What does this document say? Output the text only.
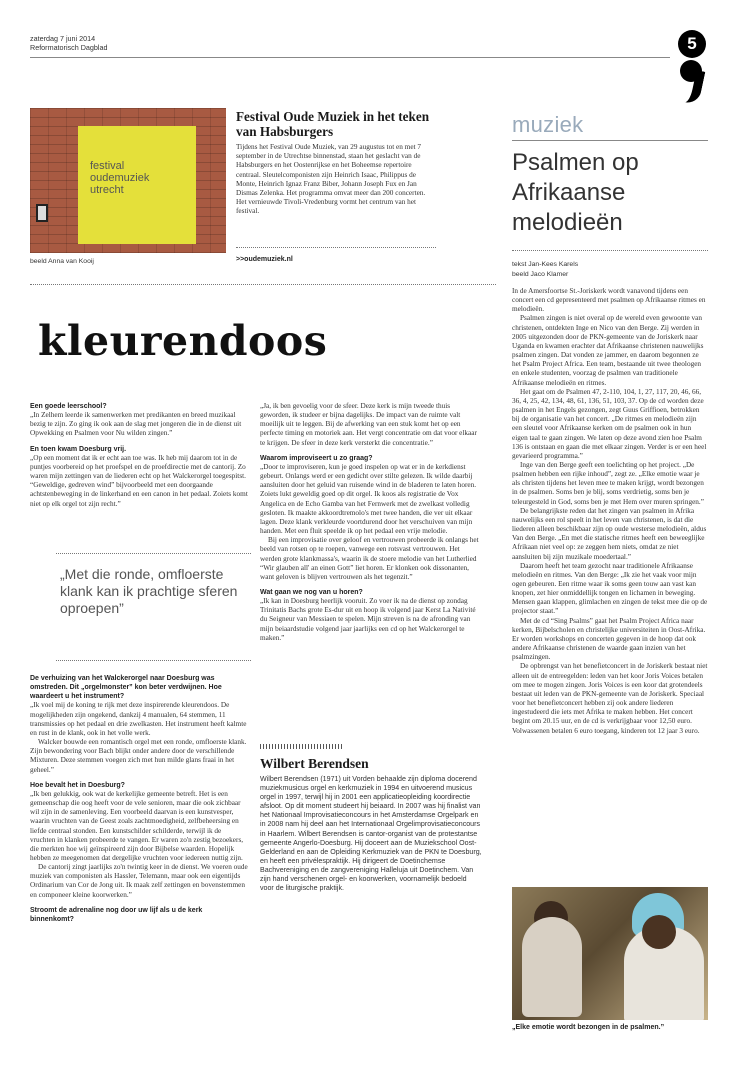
zaterdag 7 juni 2014
Reformatorisch Dagblad	5
festival
oudemuziek
utrecht
beeld Anna van Kooij
Festival Oude Muziek in het teken van Habsburgers
Tijdens het Festival Oude Muziek, van 29 augustus tot en met 7 september in de Utrechtse binnenstad, staan het geslacht van de Habsburgers en het Oostenrijkse en het Boheemse repertoire centraal. Sleutelcomponisten zijn Heinrich Isaac, Philippus de Monte, Heinrich Ignaz Franz Biber, Johann Joseph Fux en Jan Dismas Zelenka. Het programma omvat meer dan 200 concerten. Het vernieuwde Tivoli-Vredenburg vormt het centrum van het festival.
>>oudemuziek.nl
kleurendoos

Een goede leerschool?

„In Zelhem leerde ik samenwerken met predikanten en breed muzikaal bezig te zijn. Zo ging ik ook aan de slag met jongeren die in de dienst uit Opwekking en Psalmen voor Nu wilden zingen.”

En toen kwam Doesburg vrij.

„Op een moment dat ik er echt aan toe was. Ik heb mij daarom tot in de puntjes voorbereid op het proefspel en de proefdirectie met de cantorij. Zo waren mijn zettingen van de liederen echt op het Walckerorgel toegespitst. “Geweldige, gedreven wind” bijvoorbeeld met een doorgaande achtstenbeweging in de linkerhand en een canon in het pedaal. Zoiets komt niet op elk orgel tot zijn recht.”

„Met die ronde, omfloerste klank kan ik prachtige sferen oproepen”

De verhuizing van het Walckerorgel naar Doesburg was omstreden. Dit „orgelmonster” kon beter verdwijnen. Hoe waardeert u het instrument?

„Ik voel mij de koning te rijk met deze inspirerende kleurendoos. De mogelijkheden zijn ongekend, dankzij 4 manualen, 64 stemmen, 11 transmissies op het pedaal en drie zwelkasten. Het instrument heeft kalmte en rust in de klank, ook in het volle werk.

Walcker bouwde een romantisch orgel met een ronde, omfloerste klank. Zijn bewondering voor Bach blijkt onder andere door de verschillende Mixturen. Deze stemmen voegen zich met hun milde glans fraai in het geheel.”

Hoe bevalt het in Doesburg?

„Ik ben gelukkig, ook wat de kerkelijke gemeente betreft. Het is een gemeenschap die oog heeft voor de vele senioren, maar die ook zichbaar wil zijn in de samenleving. Een voorbeeld daarvan is een kunstvesper, waarin vruchten van de Geest zoals zachtmoedigheid, zelfbeheersing en liefde centraal stonden. Een kunstschilder schilderde, terwijl ik de vruchten in klanken probeerde te vangen. Er waren zo'n zestig bezoekers, die merkten hoe wij geïnspireerd zijn door Bijbelse waarden. Hopelijk hebben ze meegenomen dat dergelijke vruchten voor iedereen nuttig zijn.

De cantorij zingt jaarlijks zo'n twintig keer in de dienst. We voeren oude muziek van componisten als Hassler, Telemann, maar ook een eigentijds Ordinarium van Cor de Jong uit. Ik maak zelf zettingen en bovenstemmen en componeer kleine koorwerken.”

Stroomt de adrenaline nog door uw lijf als u de kerk binnenkomt?

„Ja, ik ben gevoelig voor de sfeer. Deze kerk is mijn tweede thuis geworden, ik studeer er bijna dagelijks. De impact van de ruimte valt moeilijk uit te leggen. Bij de afwerking van een stuk komt het op een perfecte timing en motoriek aan. Het vergt concentratie om dat voor elkaar te krijgen. De sfeer in deze kerk versterkt die concentratie.”

Waarom improviseert u zo graag?

„Door te improviseren, kun je goed inspelen op wat er in de kerkdienst gebeurt. Onlangs werd er een gedicht over stilte gelezen. Ik wilde daarbij aansluiten door het geluid van ruisende wind in de bladeren te laten horen. Zoiets lukt geweldig goed op dit orgel. Ik koos als registratie de Vox Angelica en de Echo Gamba van het Fernwerk met de zwelkast volledig gesloten. Ik maakte akkoordtremolo's met twee handen, die ver uit elkaar lagen. Deze klank verkleurde voortdurend door het verschuiven van mijn handen. Met een fluit speelde ik op het pedaal een vrije melodie.

Bij een improvisatie over geloof en vertrouwen probeerde ik onlangs het beeld van rotsen op te roepen, vanwege een rotsvast vertrouwen. Het werden grote klankmassa's, waarin ik de stoere melodie van het Lutherlied “Wir glauben all' an einen Gott” liet horen. Er klonken ook dissonanten, want geloven is blijven vertrouwen als het tegenzit.”

Wat gaan we nog van u horen?

„Ik kan in Doesburg heerlijk vooruit. Zo voer ik na de dienst op zondag Trinitatis Bachs grote Es-dur uit en hoop ik volgend jaar Kerst La Nativité du Seigneur van Messiaen te spelen. Mijn streven is na de afronding van mijn beiaardstudie volgend jaar jaarlijks een cd op het Walckerorgel te maken.”

Wilbert Berendsen
Wilbert Berendsen (1971) uit Vorden behaalde zijn diploma docerend muziekmusicus orgel en kerkmuziek in 1994 en uitvoerend musicus orgel in 1997, terwijl hij in 2001 een applicatieopleiding koordirectie afsloot. Op dit moment studeert hij beiaard. In 2007 was hij finalist van het Nationaal Improvisatieconcours in het Amsterdamse Orgelpark en in 2008 nam hij deel aan het Internationaal Orgelimprovisatieconcours in Haarlem. Wilbert Berendsen is cantor-organist van de protestantse gemeente Angerlo-Doesburg. Hij doceert aan de Muziekschool Oost-Gelderland en aan de Opleiding Kerkmuziek van de PKN te Doesburg, en heeft een privélespraktijk. Hij dirigeert de Doetinchemse Bachvereniging en de zangvereniging Halleluja uit Doetinchem. Van zijn hand verschenen orgel- en koorwerken, voornamelijk bedoeld voor de liturgische praktijk.
muziek
Psalmen op Afrikaanse melodieën
tekst Jan-Kees Karels
beeld Jaco Klamer

In de Amersfoortse St.-Joriskerk wordt vanavond tijdens een concert een cd gepresenteerd met psalmen op Afrikaanse ritmes en melodieën.

Psalmen zingen is niet overal op de wereld even gewoonte van christenen, ontdekten Inge en Nico van den Berge. Zij werden in 2005 uitgezonden door de PKN-gemeente van de Joriskerk naar Uganda en kwamen erachter dat Afrikaanse christenen nauwelijks psalmen zingen. Dat vonden ze jammer, en daarom begonnen ze het Psalm Project Africa. Een team, bestaande uit twee theologen en enkele studenten, voorzag de psalmen van traditionele Afrikaanse melodieën en ritmes.

Het gaat om de Psalmen 47, 2-110, 104, 1, 27, 117, 20, 46, 66, 36, 4, 25, 42, 134, 48, 61, 136, 51, 103, 37. Op de cd worden deze psalmen in het Engels gezongen, zegt Guus Griffioen, betrokken bij de organisatie van het concert. „De ritmes en melodieën zijn een sleutel voor Afrikaanse kerken om de psalmen ook in hun eigen taal te gaan zingen. We laten op deze avond zien hoe Psalm 136 is ontstaan en gaan die met elkaar zingen. Verder is er een heel gevarieerd programma.”

Inge van den Berge geeft een toelichting op het project. „De psalmen hebben een rijke inhoud”, zegt ze. „Elke emotie waar je als christen tijdens het leven mee te maken krijgt, wordt bezongen in de psalmen. Soms ben je blij, soms verdrietig, soms ben je teleurgesteld in God, soms ben je met Hem over muren springen.”

De belangrijkste reden dat het zingen van psalmen in Afrika nauwelijks een rol speelt in het leven van christenen, is dat die liederen alleen beschikbaar zijn op oude westerse melodieën, aldus Van den Berge. „En met die statische ritmes heeft een beweeglijke Afrikaan niet veel op: ze zeggen hem niets, omdat ze niet aansluiten bij zijn muzikale moedertaal.”

Daarom heeft het team gezocht naar traditionele Afrikaanse melodieën en ritmes. Van den Berge: „Ik zie het vaak voor mijn ogen gebeuren. Een ritme waar ik soms geen touw aan vast kan knopen, zet hier onmiddellijk tongen en lichamen in beweging. Mensen gaan klappen, glimlachen en zingen de tekst mee die op de projector staat.”

Met de cd “Sing Psalms” gaat het Psalm Project Africa naar kerken, Bijbelscholen en christelijke universiteiten in Oost-Afrika. Er worden workshops en concerten gegeven in de hoop dat ook andere Afrikaanse christenen de waarde gaan inzien van het psalmzingen.

De opbrengst van het benefietconcert in de Joriskerk bestaat niet alleen uit de entreegelden: leden van het koor Joris Voices betalen om mee te mogen zingen. Joris Voices is een koor dat grotendeels bestaat uit leden van de PKN-gemeente van de Joriskerk. Speciaal voor het benefietconcert hebben zij ook andere liederen ingestudeerd die iets met Afrika te maken hebben. Het concert begint om 20.15 uur, en de cd is verkrijgbaar voor 12,50 euro. Volwassenen betalen 6 euro toegang, kinderen tot 12 jaar 3 euro.

„Elke emotie wordt bezongen in de psalmen.”
